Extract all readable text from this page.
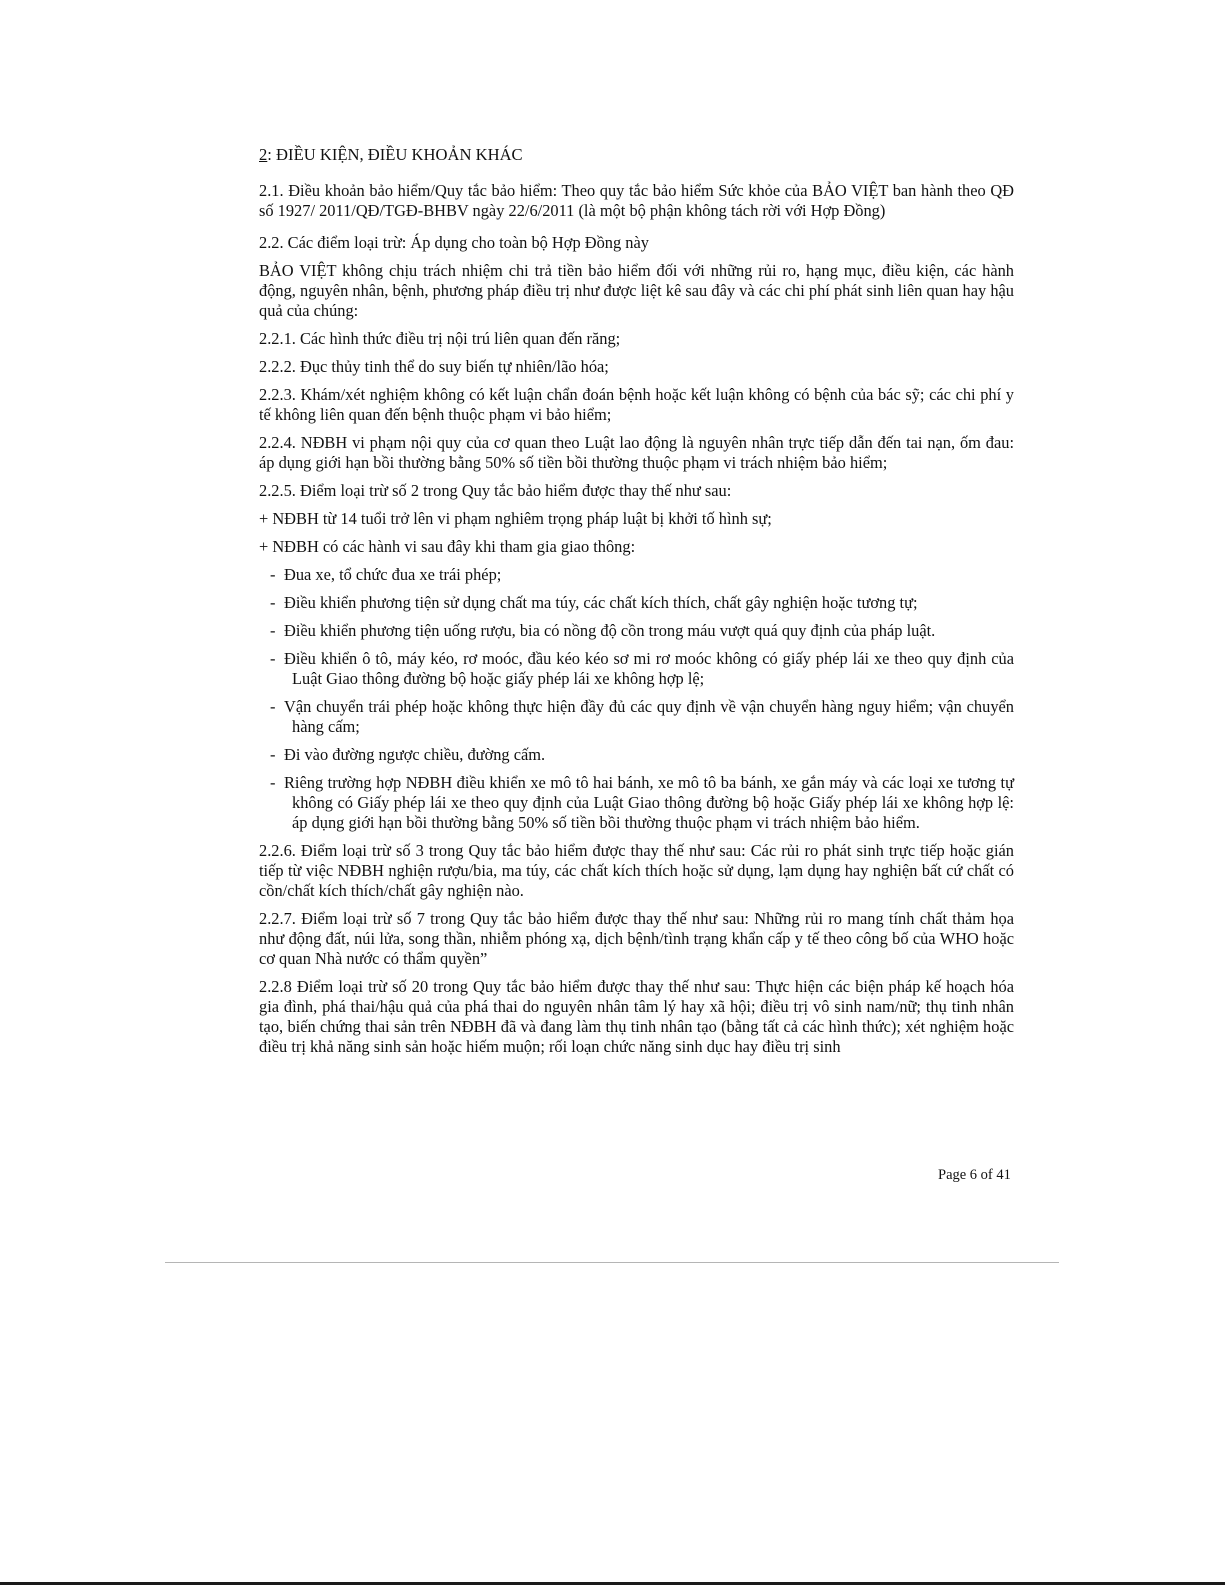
2: ĐIỀU KIỆN, ĐIỀU KHOẢN KHÁC

2.1. Điều khoản bảo hiểm/Quy tắc bảo hiểm: Theo quy tắc bảo hiểm Sức khỏe của BẢO VIỆT ban hành theo QĐ số 1927/ 2011/QĐ/TGĐ-BHBV ngày 22/6/2011 (là một bộ phận không tách rời với Hợp Đồng)

2.2. Các điểm loại trừ: Áp dụng cho toàn bộ Hợp Đồng này

BẢO VIỆT không chịu trách nhiệm chi trả tiền bảo hiểm đối với những rủi ro, hạng mục, điều kiện, các hành động, nguyên nhân, bệnh, phương pháp điều trị như được liệt kê sau đây và các chi phí phát sinh liên quan hay hậu quả của chúng:

2.2.1. Các hình thức điều trị nội trú liên quan đến răng;

2.2.2. Đục thủy tinh thể do suy biến tự nhiên/lão hóa;

2.2.3. Khám/xét nghiệm không có kết luận chẩn đoán bệnh hoặc kết luận không có bệnh của bác sỹ; các chi phí y tế không liên quan đến bệnh thuộc phạm vi bảo hiểm;

2.2.4. NĐBH vi phạm nội quy của cơ quan theo Luật lao động là nguyên nhân trực tiếp dẫn đến tai nạn, ốm đau: áp dụng giới hạn bồi thường bằng 50% số tiền bồi thường thuộc phạm vi trách nhiệm bảo hiểm;

2.2.5. Điểm loại trừ số 2 trong Quy tắc bảo hiểm được thay thế như sau:

+ NĐBH từ 14 tuổi trở lên vi phạm nghiêm trọng pháp luật bị khởi tố hình sự;

+ NĐBH có các hành vi sau đây khi tham gia giao thông:

- Đua xe, tổ chức đua xe trái phép;

- Điều khiển phương tiện sử dụng chất ma túy, các chất kích thích, chất gây nghiện hoặc tương tự;

- Điều khiển phương tiện uống rượu, bia có nồng độ cồn trong máu vượt quá quy định của pháp luật.

- Điều khiển ô tô, máy kéo, rơ moóc, đầu kéo kéo sơ mi rơ moóc không có giấy phép lái xe theo quy định của Luật Giao thông đường bộ hoặc giấy phép lái xe không hợp lệ;

- Vận chuyển trái phép hoặc không thực hiện đầy đủ các quy định về vận chuyển hàng nguy hiểm; vận chuyển hàng cấm;

- Đi vào đường ngược chiều, đường cấm.

- Riêng trường hợp NĐBH điều khiển xe mô tô hai bánh, xe mô tô ba bánh, xe gắn máy và các loại xe tương tự không có Giấy phép lái xe theo quy định của Luật Giao thông đường bộ hoặc Giấy phép lái xe không hợp lệ: áp dụng giới hạn bồi thường bằng 50% số tiền bồi thường thuộc phạm vi trách nhiệm bảo hiểm.

2.2.6. Điểm loại trừ số 3 trong Quy tắc bảo hiểm được thay thế như sau: Các rủi ro phát sinh trực tiếp hoặc gián tiếp từ việc NĐBH nghiện rượu/bia, ma túy, các chất kích thích hoặc sử dụng, lạm dụng hay nghiện bất cứ chất có cồn/chất kích thích/chất gây nghiện nào.

2.2.7. Điểm loại trừ số 7 trong Quy tắc bảo hiểm được thay thế như sau: Những rủi ro mang tính chất thảm họa như động đất, núi lửa, song thần, nhiễm phóng xạ, dịch bệnh/tình trạng khẩn cấp y tế theo công bố của WHO hoặc cơ quan Nhà nước có thẩm quyền”

2.2.8 Điểm loại trừ số 20 trong Quy tắc bảo hiểm được thay thế như sau: Thực hiện các biện pháp kế hoạch hóa gia đình, phá thai/hậu quả của phá thai do nguyên nhân tâm lý hay xã hội; điều trị vô sinh nam/nữ; thụ tinh nhân tạo, biến chứng thai sản trên NĐBH đã và đang làm thụ tinh nhân tạo (bằng tất cả các hình thức); xét nghiệm hoặc điều trị khả năng sinh sản hoặc hiếm muộn; rối loạn chức năng sinh dục hay điều trị sinh

Page 6 of 41
